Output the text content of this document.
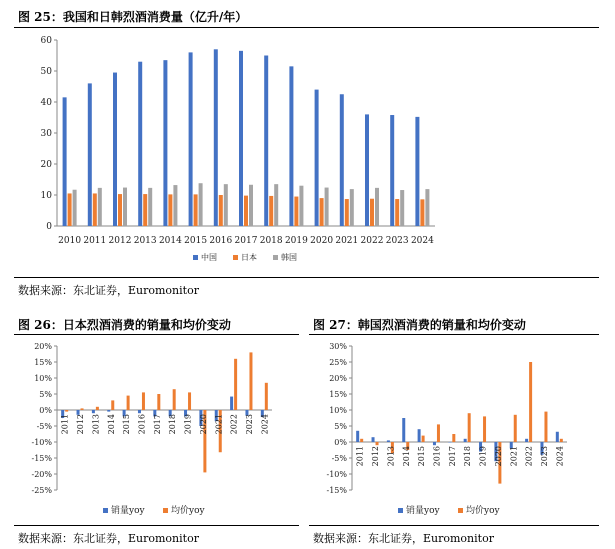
图 25：我国和日韩烈酒消费量（亿升/年）
0
10
20
30
40
50
60
2010 2011 2012 2013 2014 2015 2016 2017 2018 2019 2020 2021 2022 2023 2024
中国	日本	韩国
数据来源：东北证券，Euromonitor
图 26：日本烈酒消费的销量和均价变动
-25%
-20%
-15%
-10%
-5%
0%
5%
10%
15%
20%
2011 2012 2013 2014 2015 2016 2017 2018 2019 2020 2021 2022 2023 2024
销量yoy	均价yoy
数据来源：东北证券，Euromonitor
图 27：韩国烈酒消费的销量和均价变动
-15%
-10%
-5%
0%
5%
10%
15%
20%
25%
30%
2011 2012 2013 2014 2015 2016 2017 2018 2019 2020 2021 2022 2023 2024
销量yoy	均价yoy
数据来源：东北证券，Euromonitor
